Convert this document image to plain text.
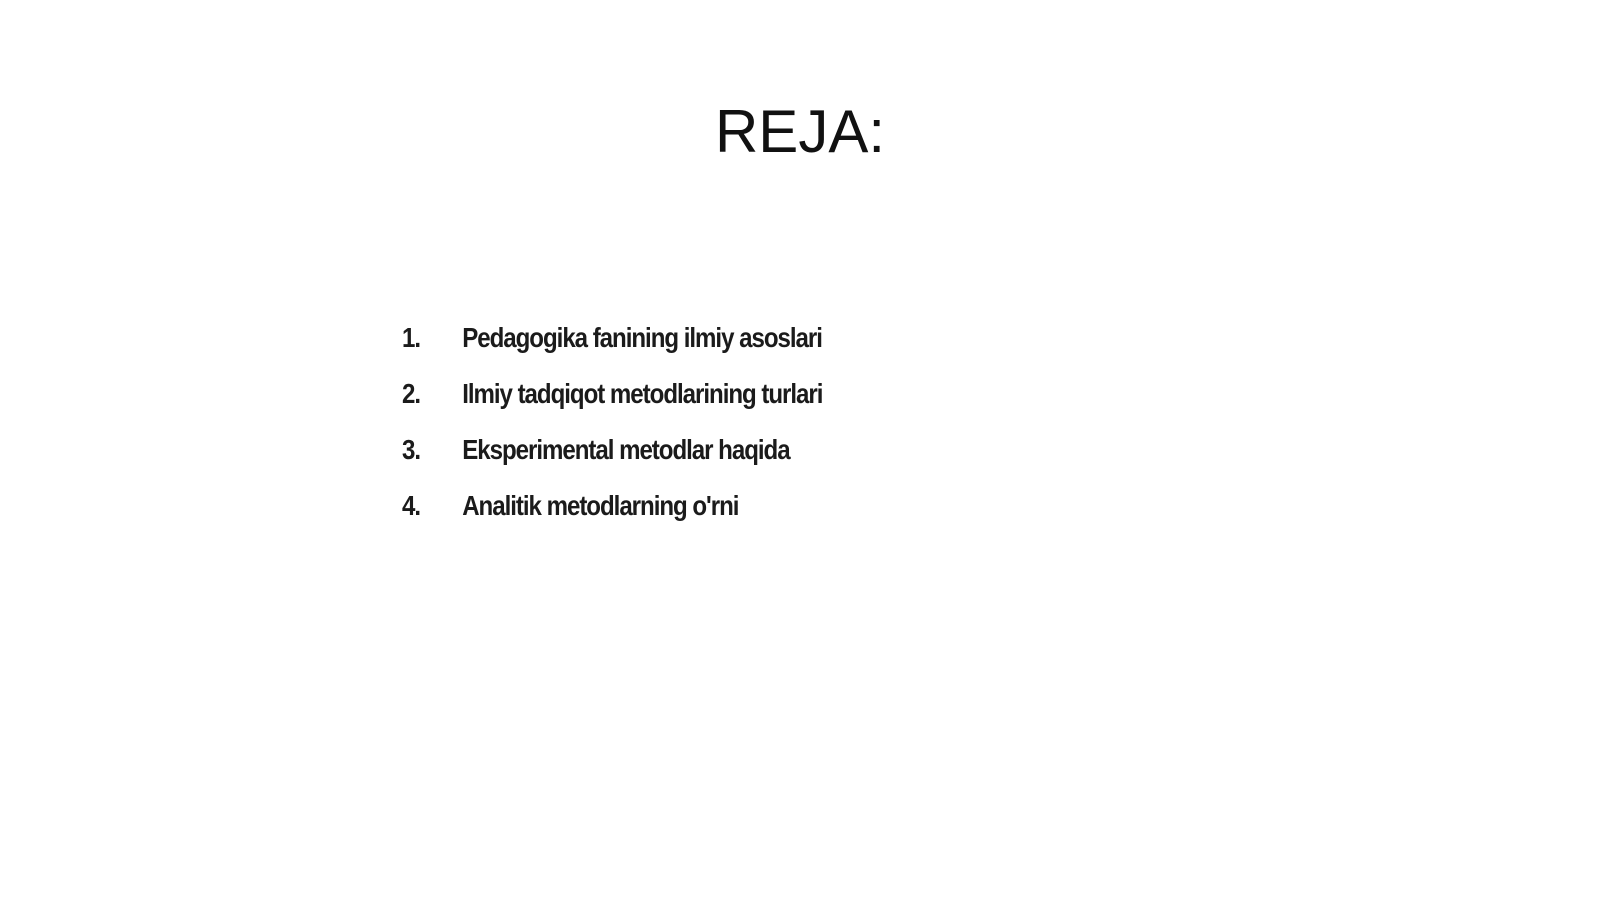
REJA:
1.	Pedagogika fanining ilmiy asoslari
2.	Ilmiy tadqiqot metodlarining turlari
3.	Eksperimental metodlar haqida
4.	Analitik metodlarning o'rni
